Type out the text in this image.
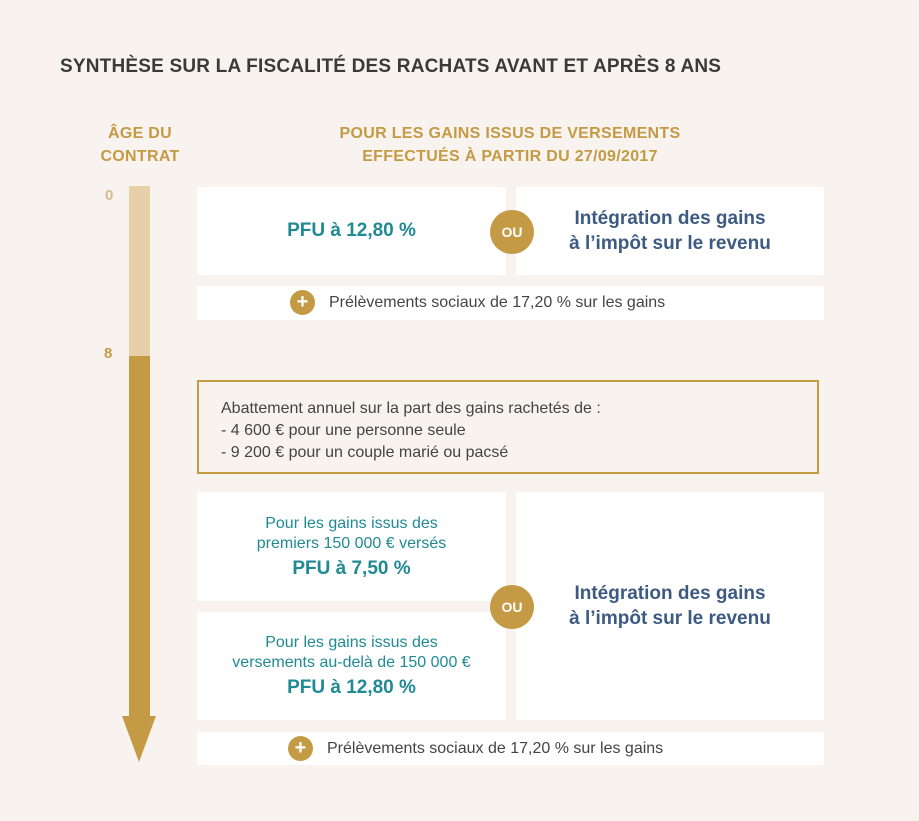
SYNTHÈSE SUR LA FISCALITÉ DES RACHATS AVANT ET APRÈS 8 ANS
ÂGE DU
CONTRAT
POUR LES GAINS ISSUS DE VERSEMENTS
EFFECTUÉS À PARTIR DU 27/09/2017
0
8
PFU à 12,80 %
Intégration des gains
à l’impôt sur le revenu
OU
+	Prélèvements sociaux de 17,20 % sur les gains
Abattement annuel sur la part des gains rachetés de :
- 4 600 € pour une personne seule
- 9 200 € pour un couple marié ou pacsé
Pour les gains issus des
premiers 150 000 € versés
PFU à 7,50 %
Pour les gains issus des
versements au-delà de 150 000 €
PFU à 12,80 %
Intégration des gains
à l’impôt sur le revenu
OU
+	Prélèvements sociaux de 17,20 % sur les gains
